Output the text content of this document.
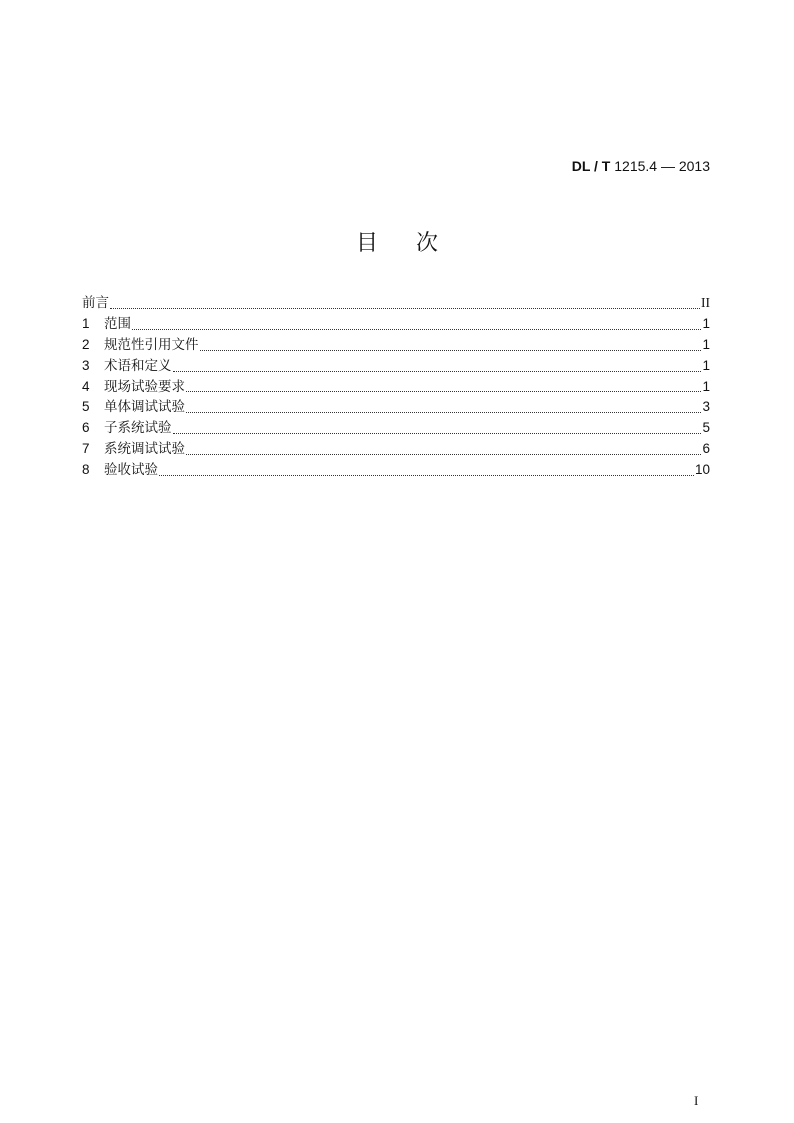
DL / T 1215.4 — 2013
目 次
前言	II
1	范围	1
2	规范性引用文件	1
3	术语和定义	1
4	现场试验要求	1
5	单体调试试验	3
6	子系统试验	5
7	系统调试试验	6
8	验收试验	10
I
